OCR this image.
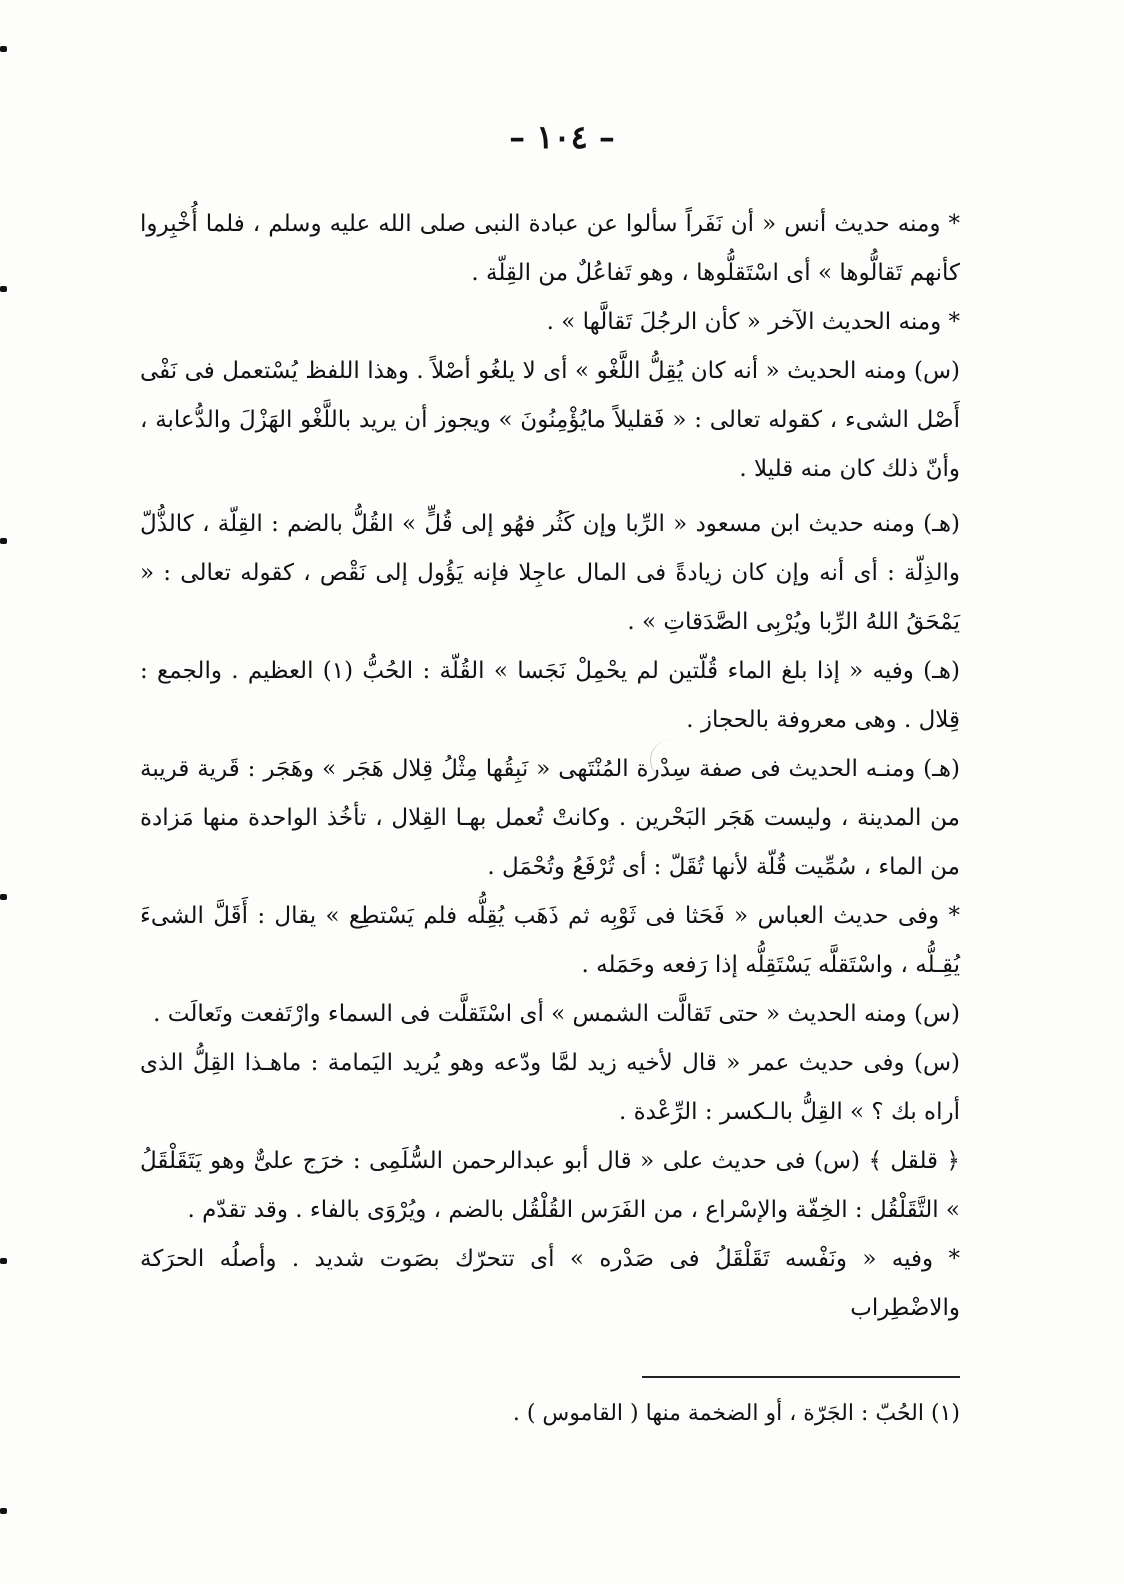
– ١٠٤ –

* ومنه حديث أنس « أن نَفَراً سألوا عن عبادة النبى صلى الله عليه وسلم ، فلما أُخْبِروا كأنهم تَقالُّوها » أى اسْتَقلُّوها ، وهو تَفاعُلٌ من القِلّة .

* ومنه الحديث الآخر « كأن الرجُلَ تَقالَّها » .

(س) ومنه الحديث « أنه كان يُقِلُّ اللَّغْو » أى لا يلغُو أصْلاً . وهذا اللفظ يُسْتعمل فى نَفْى أَصْل الشىء ، كقوله تعالى : « فَقليلاً مايُؤْمِنُونَ » ويجوز أن يريد باللَّغْو الهَزْلَ والدُّعابة ، وأنّ ذلك كان منه قليلا .

(هـ) ومنه حديث ابن مسعود « الرِّبا وإن كَثُر فهُو إلى قُلٍّ » القُلُّ بالضم : القِلّة ، كالذُّلّ والذِلّة : أى أنه وإن كان زيادةً فى المال عاجِلا فإنه يَؤُول إلى نَقْص ، كقوله تعالى : « يَمْحَقُ اللهُ الرِّبا ويُرْبِى الصَّدَقاتِ » .

(هـ) وفيه « إذا بلغ الماء قُلّتين لم يحْمِلْ نَجَسا » القُلّة : الحُبُّ (١) العظيم . والجمع : قِلال . وهى معروفة بالحجاز .

(هـ) ومنـه الحديث فى صفة سِدْرة المُنْتَهى « نَبِقُها مِثْلُ قِلال هَجَر » وهَجَر : قَرية قريبة من المدينة ، وليست هَجَر البَحْرين . وكانتْ تُعمل بهـا القِلال ، تأخُذ الواحدة منها مَزادة من الماء ، سُمِّيت قُلّة لأنها تُقَلّ : أى تُرْفَعُ وتُحْمَل .

* وفى حديث العباس « فَحَثا فى ثَوْبِه ثم ذَهَب يُقِلُّه فلم يَسْتطِع » يقال : أَقَلَّ الشىءَ يُقِـلُّه ، واسْتَقلَّه يَسْتَقِلُّه إذا رَفعه وحَمَله .

(س) ومنه الحديث « حتى تَقالَّت الشمس » أى اسْتَقلَّت فى السماء وارْتَفعت وتَعالَت .

(س) وفى حديث عمر « قال لأخيه زيد لمَّا ودّعه وهو يُريد اليَمامة : ماهـذا القِلُّ الذى أراه بك ؟ » القِلُّ بالـكسر : الرِّعْدة .

﴿ قلقل ﴾ (س) فى حديث على « قال أبو عبدالرحمن السُّلَمِى : خرَج علىٌّ وهو يَتَقَلْقَلُ » التَّقَلْقُل : الخِفّة والإسْراع ، من الفَرَس القُلْقُل بالضم ، ويُرْوَى بالفاء . وقد تقدّم .

* وفيه « ونَفْسه تَقَلْقَلُ فى صَدْره » أى تتحرّك بصَوت شديد . وأصلُه الحرَكة والاضْطِراب

(١) الحُبّ : الجَرّة ، أو الضخمة منها ( القاموس ) .
